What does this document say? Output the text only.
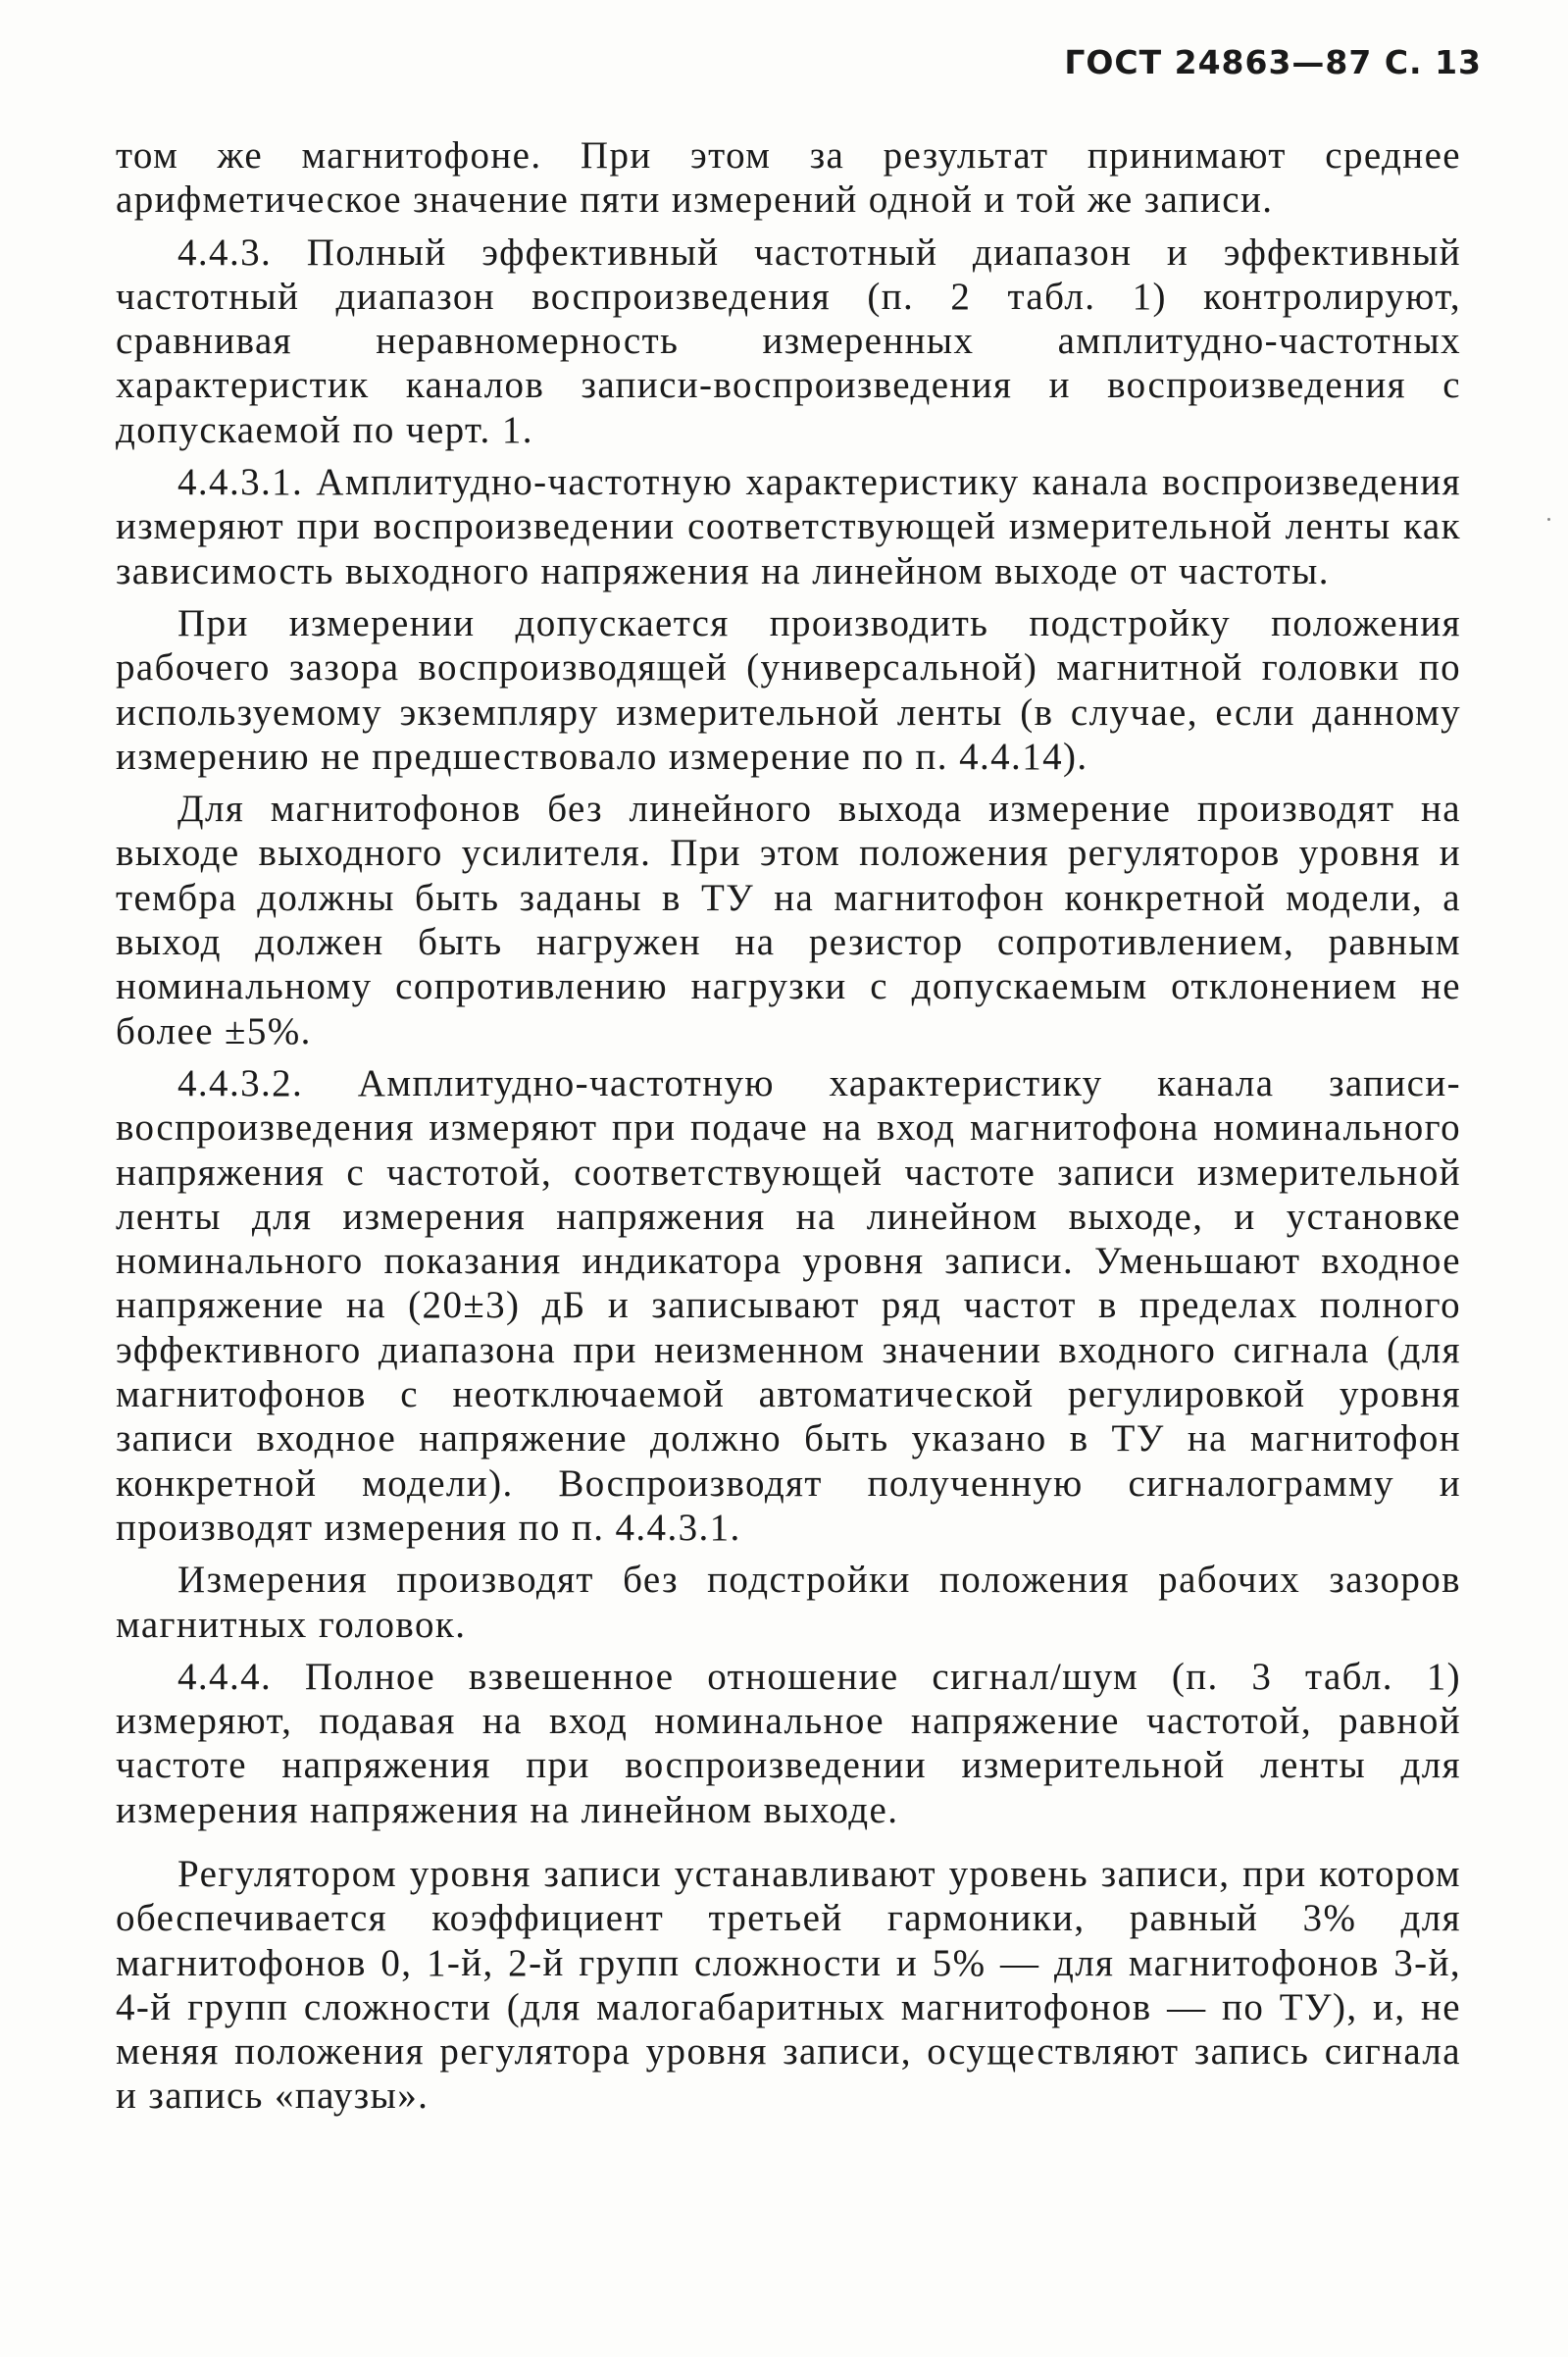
ГОСТ 24863—87 С. 13

том же магнитофоне. При этом за результат принимают среднее арифметическое значение пяти измерений одной и той же записи.

4.4.3. Полный эффективный частотный диапазон и эффективный частотный диапазон воспроизведения (п. 2 табл. 1) контролируют, сравнивая неравномерность измеренных амплитудно-частотных характеристик каналов записи-воспроизведения и воспроизведения с допускаемой по черт. 1.

4.4.3.1. Амплитудно-частотную характеристику канала воспроизведения измеряют при воспроизведении соответствующей измерительной ленты как зависимость выходного напряжения на линейном выходе от частоты.

При измерении допускается производить подстройку положения рабочего зазора воспроизводящей (универсальной) магнитной головки по используемому экземпляру измерительной ленты (в случае, если данному измерению не предшествовало измерение по п. 4.4.14).

Для магнитофонов без линейного выхода измерение производят на выходе выходного усилителя. При этом положения регуляторов уровня и тембра должны быть заданы в ТУ на магнитофон конкретной модели, а выход должен быть нагружен на резистор сопротивлением, равным номинальному сопротивлению нагрузки с допускаемым отклонением не более ±5%.

4.4.3.2. Амплитудно-частотную характеристику канала записи-воспроизведения измеряют при подаче на вход магнитофона номинального напряжения с частотой, соответствующей частоте записи измерительной ленты для измерения напряжения на линейном выходе, и установке номинального показания индикатора уровня записи. Уменьшают входное напряжение на (20±3) дБ и записывают ряд частот в пределах полного эффективного диапазона при неизменном значении входного сигнала (для магнитофонов с неотключаемой автоматической регулировкой уровня записи входное напряжение должно быть указано в ТУ на магнитофон конкретной модели). Воспроизводят полученную сигналограмму и производят измерения по п. 4.4.3.1.

Измерения производят без подстройки положения рабочих зазоров магнитных головок.

4.4.4. Полное взвешенное отношение сигнал/шум (п. 3 табл. 1) измеряют, подавая на вход номинальное напряжение частотой, равной частоте напряжения при воспроизведении измерительной ленты для измерения напряжения на линейном выходе.

Регулятором уровня записи устанавливают уровень записи, при котором обеспечивается коэффициент третьей гармоники, равный 3% для магнитофонов 0, 1-й, 2-й групп сложности и 5% — для магнитофонов 3-й, 4-й групп сложности (для малогабаритных магнитофонов — по ТУ), и, не меняя положения регулятора уровня записи, осуществляют запись сигнала и запись «паузы».
